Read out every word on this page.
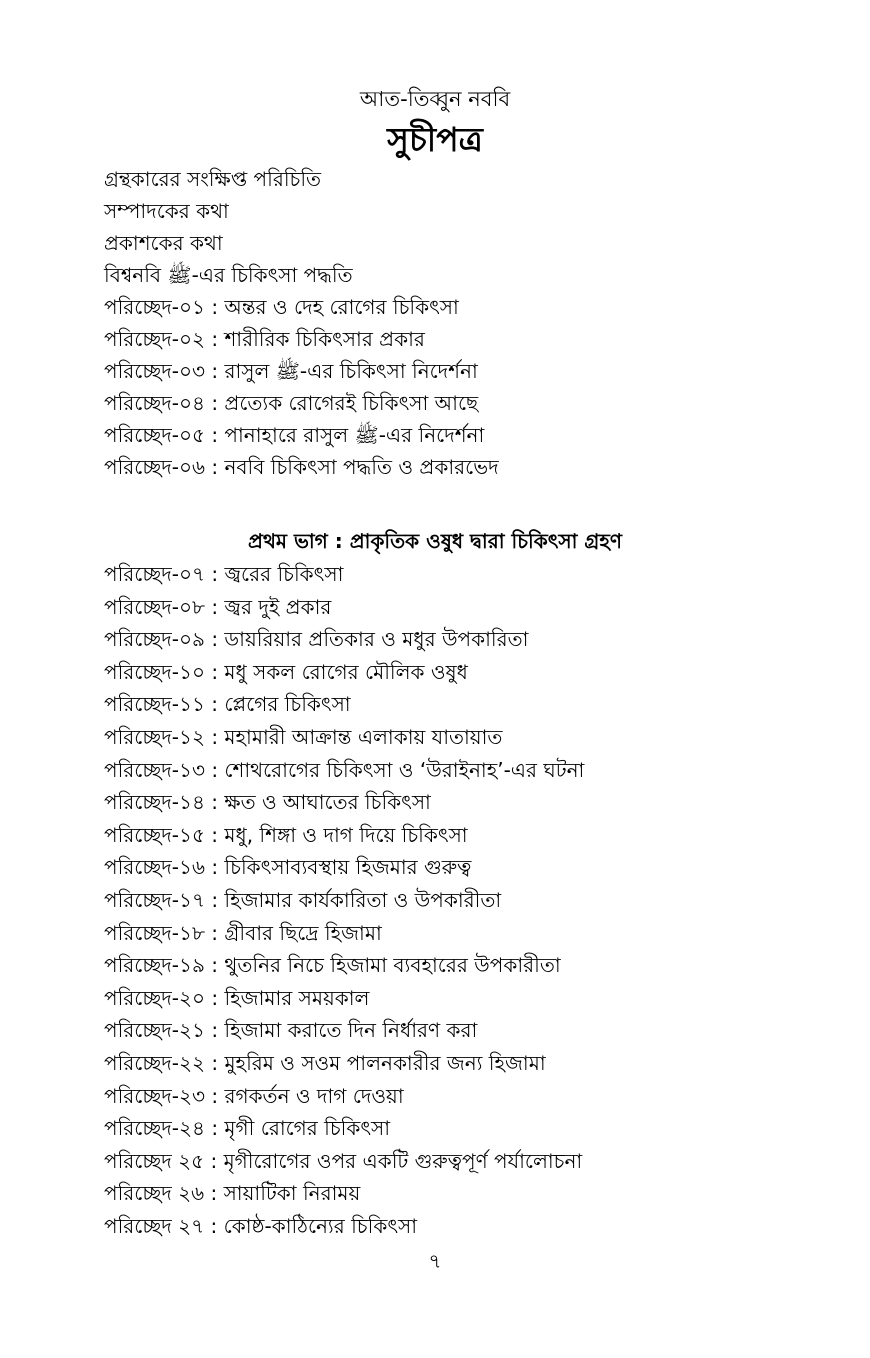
আত-তিব্বুন নববি
সুচীপত্র
গ্রন্থকারের সংক্ষিপ্ত পরিচিতি
সম্পাদকের কথা
প্রকাশকের কথা
বিশ্বনবি ﷺ-এর চিকিৎসা পদ্ধতি
পরিচ্ছেদ-০১ : অন্তর ও দেহ রোগের চিকিৎসা
পরিচ্ছেদ-০২ : শারীরিক চিকিৎসার প্রকার
পরিচ্ছেদ-০৩ : রাসুল ﷺ-এর চিকিৎসা নিদের্শনা
পরিচ্ছেদ-০৪ : প্রত্যেক রোগেরই চিকিৎসা আছে
পরিচ্ছেদ-০৫ : পানাহারে রাসুল ﷺ-এর নিদের্শনা
পরিচ্ছেদ-০৬ : নববি চিকিৎসা পদ্ধতি ও প্রকারভেদ
প্রথম ভাগ : প্রাকৃতিক ওষুধ দ্বারা চিকিৎসা গ্রহণ
পরিচ্ছেদ-০৭ : জ্বরের চিকিৎসা
পরিচ্ছেদ-০৮ : জ্বর দুই প্রকার
পরিচ্ছেদ-০৯ : ডায়রিয়ার প্রতিকার ও মধুর উপকারিতা
পরিচ্ছেদ-১০ : মধু সকল রোগের মৌলিক ওষুধ
পরিচ্ছেদ-১১ : প্লেগের চিকিৎসা
পরিচ্ছেদ-১২ : মহামারী আক্রান্ত এলাকায় যাতায়াত
পরিচ্ছেদ-১৩ : শোথরোগের চিকিৎসা ও ‘উরাইনাহ’-এর ঘটনা
পরিচ্ছেদ-১৪ : ক্ষত ও আঘাতের চিকিৎসা
পরিচ্ছেদ-১৫ : মধু, শিঙ্গা ও দাগ দিয়ে চিকিৎসা
পরিচ্ছেদ-১৬ : চিকিৎসাব্যবস্থায় হিজমার গুরুত্ব
পরিচ্ছেদ-১৭ : হিজামার কার্যকারিতা ও উপকারীতা
পরিচ্ছেদ-১৮ : গ্রীবার ছিদ্রে হিজামা
পরিচ্ছেদ-১৯ : থুতনির নিচে হিজামা ব্যবহারের উপকারীতা
পরিচ্ছেদ-২০ : হিজামার সময়কাল
পরিচ্ছেদ-২১ : হিজামা করাতে দিন নির্ধারণ করা
পরিচ্ছেদ-২২ : মুহরিম ও সওম পালনকারীর জন্য হিজামা
পরিচ্ছেদ-২৩ : রগকর্তন ও দাগ দেওয়া
পরিচ্ছেদ-২৪ : মৃগী রোগের চিকিৎসা
পরিচ্ছেদ ২৫ : মৃগীরোগের ওপর একটি গুরুত্বপূর্ণ পর্যালোচনা
পরিচ্ছেদ ২৬ : সায়াটিকা নিরাময়
পরিচ্ছেদ ২৭ : কোষ্ঠ-কাঠিন্যের চিকিৎসা
৭
